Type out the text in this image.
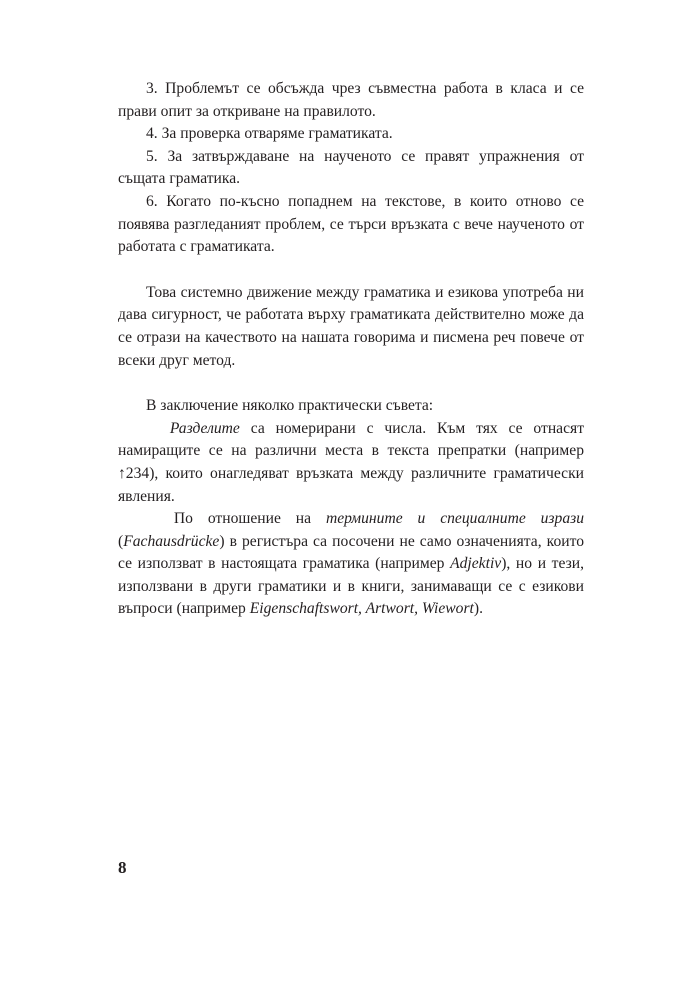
3. Проблемът се обсъжда чрез съвместна работа в класа и се прави опит за откриване на правилото.

4. За проверка отваряме граматиката.

5. За затвърждаване на наученото се правят упражнения от същата граматика.

6. Когато по-късно попаднем на текстове, в които отново се появява разгледаният проблем, се търси връзката с вече наученото от работата с граматиката.

Това системно движение между граматика и езикова употреба ни дава сигурност, че работата върху граматиката действително може да се отрази на качеството на нашата говорима и писмена реч повече от всеки друг метод.

В заключение няколко практически съвета:

Разделите са номерирани с числа. Към тях се отнасят намиращите се на различни места в текста препратки (например ↑234), които онагледяват връзката между различните граматически явления.

По отношение на термините и специалните изрази (Fachausdrücke) в регистъра са посочени не само означенията, които се използват в настоящата граматика (например Adjektiv), но и тези, използвани в други граматики и в книги, занимаващи се с езикови въпроси (например Eigenschaftswort, Artwort, Wiewort).

8
